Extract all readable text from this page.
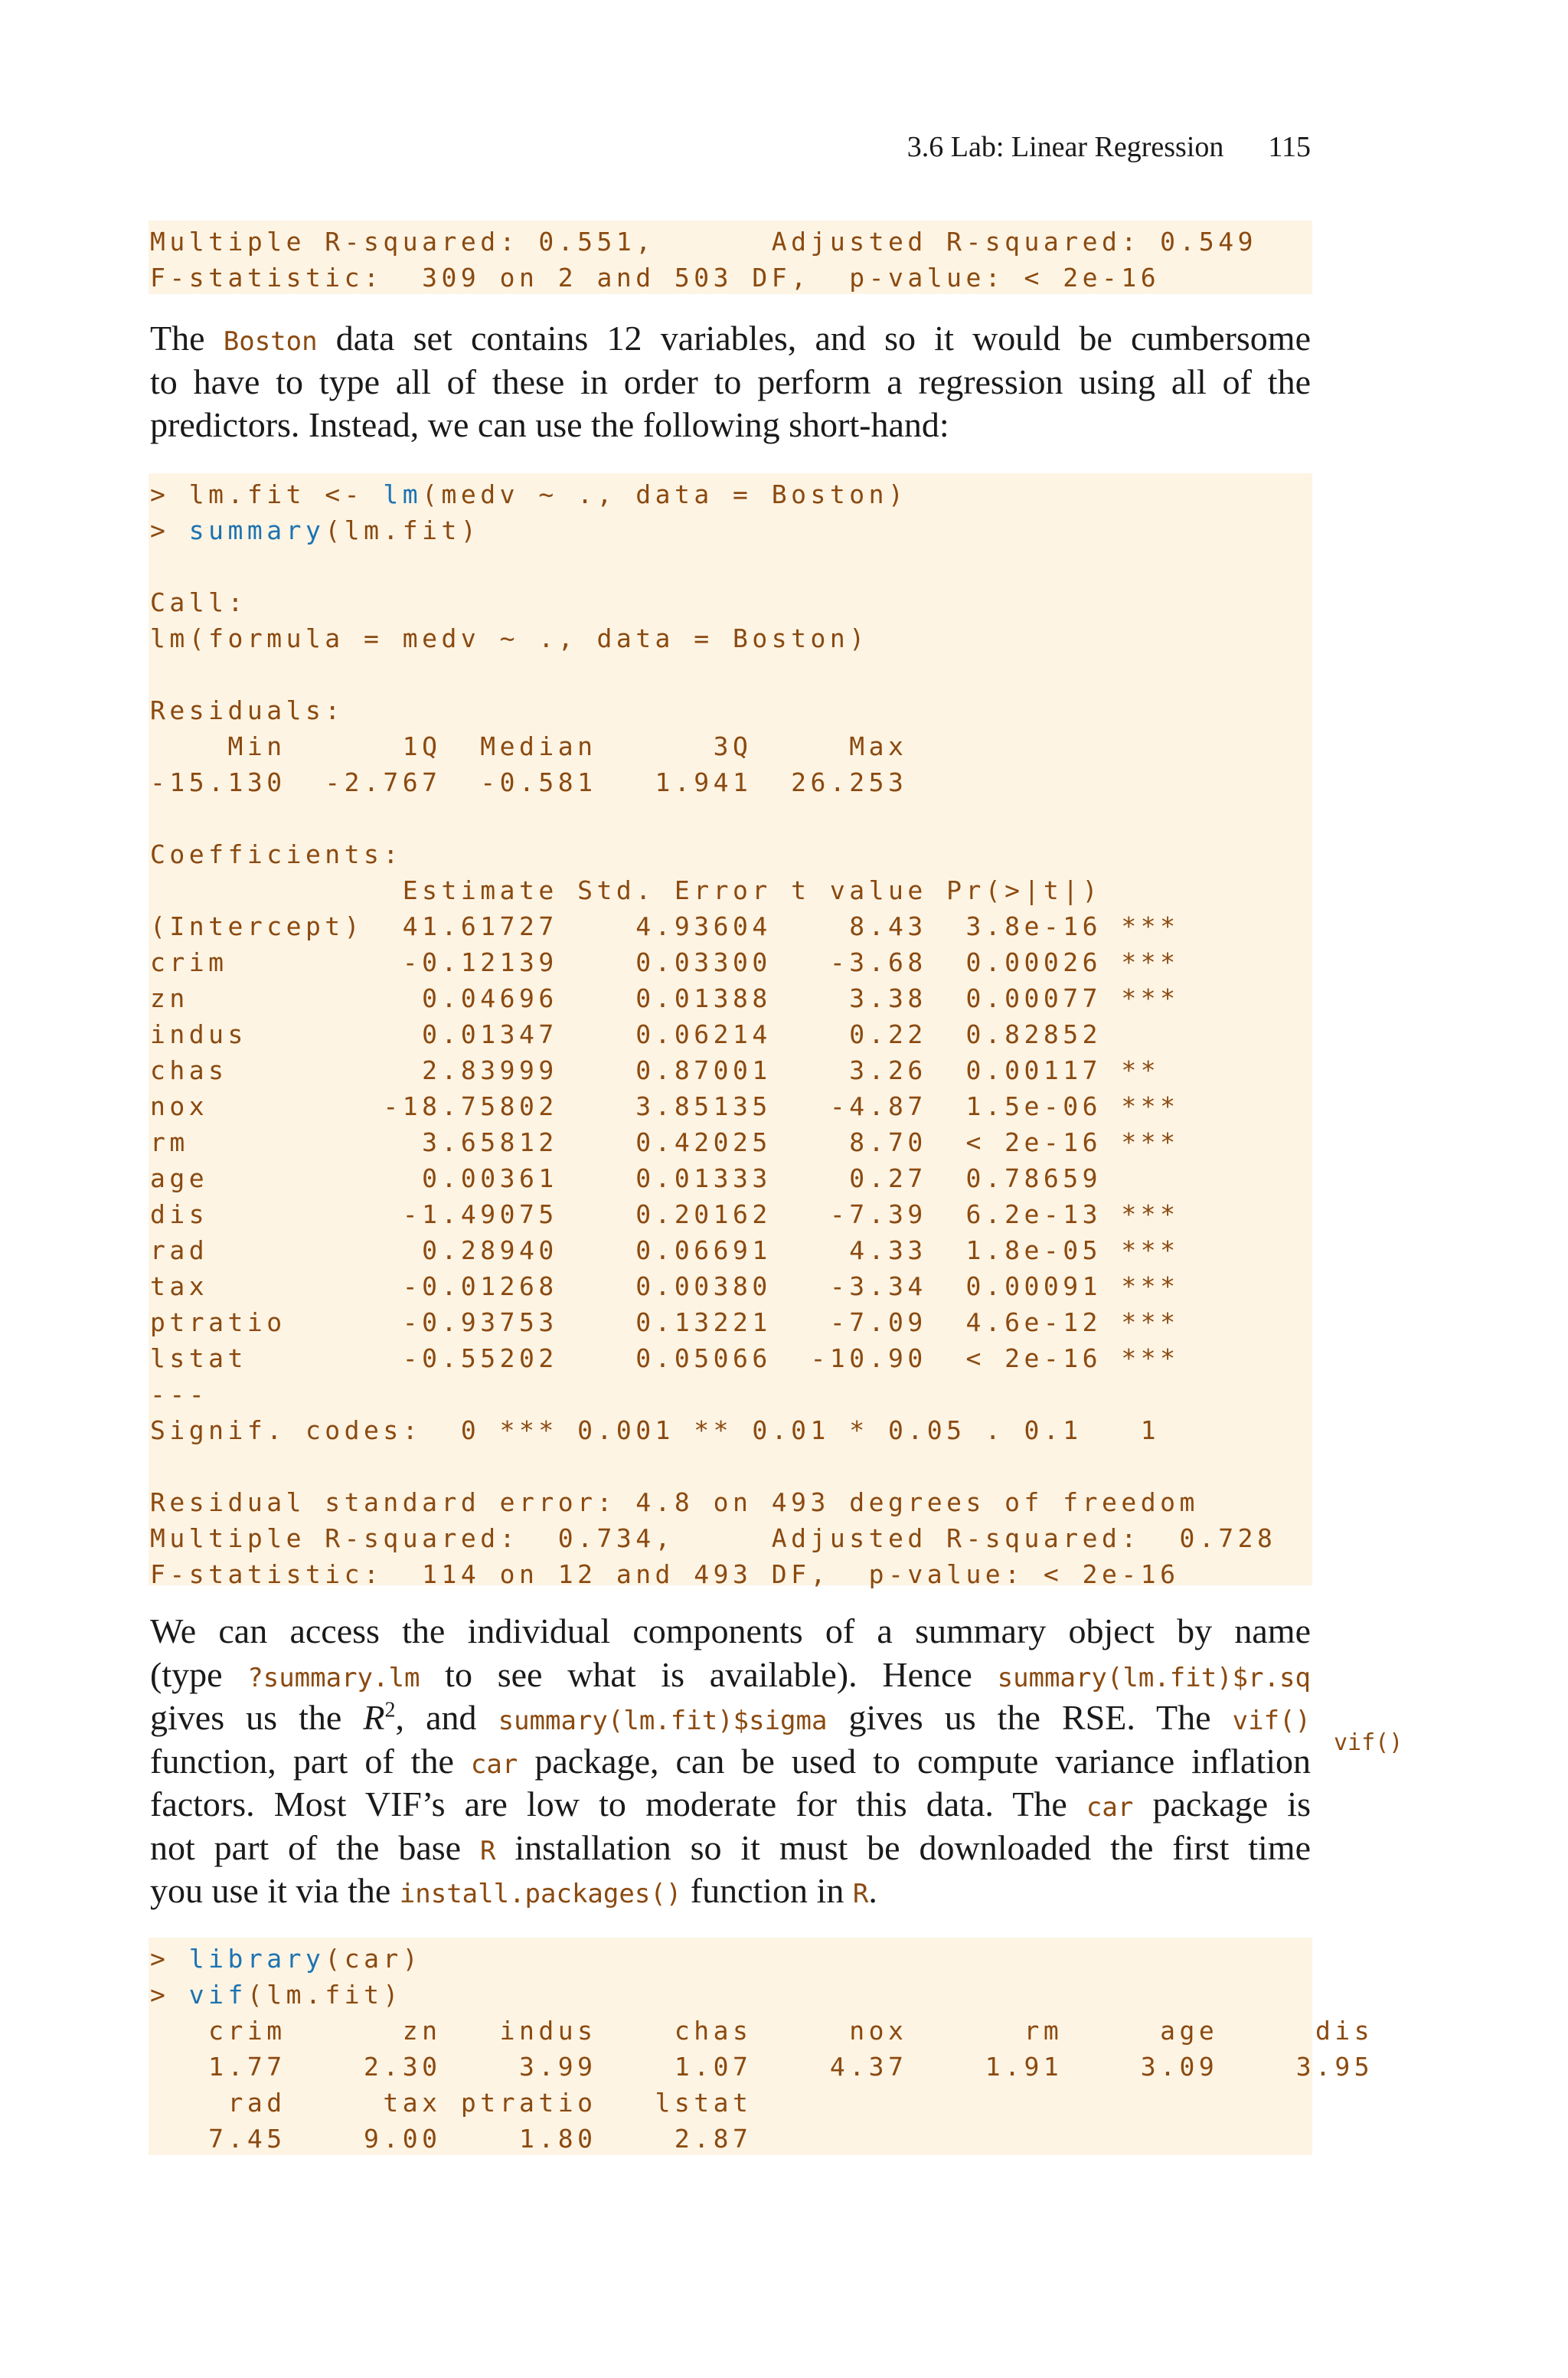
3.6 Lab: Linear Regression 115
Multiple R-squared: 0.551,      Adjusted R-squared: 0.549
F-statistic:  309 on 2 and 503 DF,  p-value: < 2e-16
The Boston data set contains 12 variables, and so it would be cumbersome
to have to type all of these in order to perform a regression using all of the
predictors. Instead, we can use the following short-hand:
> lm.fit <- lm(medv ~ ., data = Boston)
> summary(lm.fit)
Call:
lm(formula = medv ~ ., data = Boston)
Residuals:
Min      1Q  Median      3Q     Max
-15.130  -2.767  -0.581   1.941  26.253
Coefficients:
Estimate Std. Error t value Pr(>|t|)
(Intercept)  41.61727    4.93604    8.43  3.8e-16 ***
crim         -0.12139    0.03300   -3.68  0.00026 ***
zn            0.04696    0.01388    3.38  0.00077 ***
indus         0.01347    0.06214    0.22  0.82852
chas          2.83999    0.87001    3.26  0.00117 **
nox         -18.75802    3.85135   -4.87  1.5e-06 ***
rm            3.65812    0.42025    8.70  < 2e-16 ***
age           0.00361    0.01333    0.27  0.78659
dis          -1.49075    0.20162   -7.39  6.2e-13 ***
rad           0.28940    0.06691    4.33  1.8e-05 ***
tax          -0.01268    0.00380   -3.34  0.00091 ***
ptratio      -0.93753    0.13221   -7.09  4.6e-12 ***
lstat        -0.55202    0.05066  -10.90  < 2e-16 ***
---
Signif. codes:  0 *** 0.001 ** 0.01 * 0.05 . 0.1   1
Residual standard error: 4.8 on 493 degrees of freedom
Multiple R-squared:  0.734,     Adjusted R-squared:  0.728
F-statistic:  114 on 12 and 493 DF,  p-value: < 2e-16
We can access the individual components of a summary object by name
(type ?summary.lm to see what is available). Hence summary(lm.fit)$r.sq
gives us the $R^2$, and summary(lm.fit)$sigma gives us the RSE. The vif()
function, part of the car package, can be used to compute variance inflation
factors. Most VIF’s are low to moderate for this data. The car package is
not part of the base R installation so it must be downloaded the first time
you use it via the install.packages() function in R.
vif()
> library(car)
> vif(lm.fit)
crim      zn   indus    chas     nox      rm     age     dis
1.77    2.30    3.99    1.07    4.37    1.91    3.09    3.95
rad     tax ptratio   lstat
7.45    9.00    1.80    2.87
